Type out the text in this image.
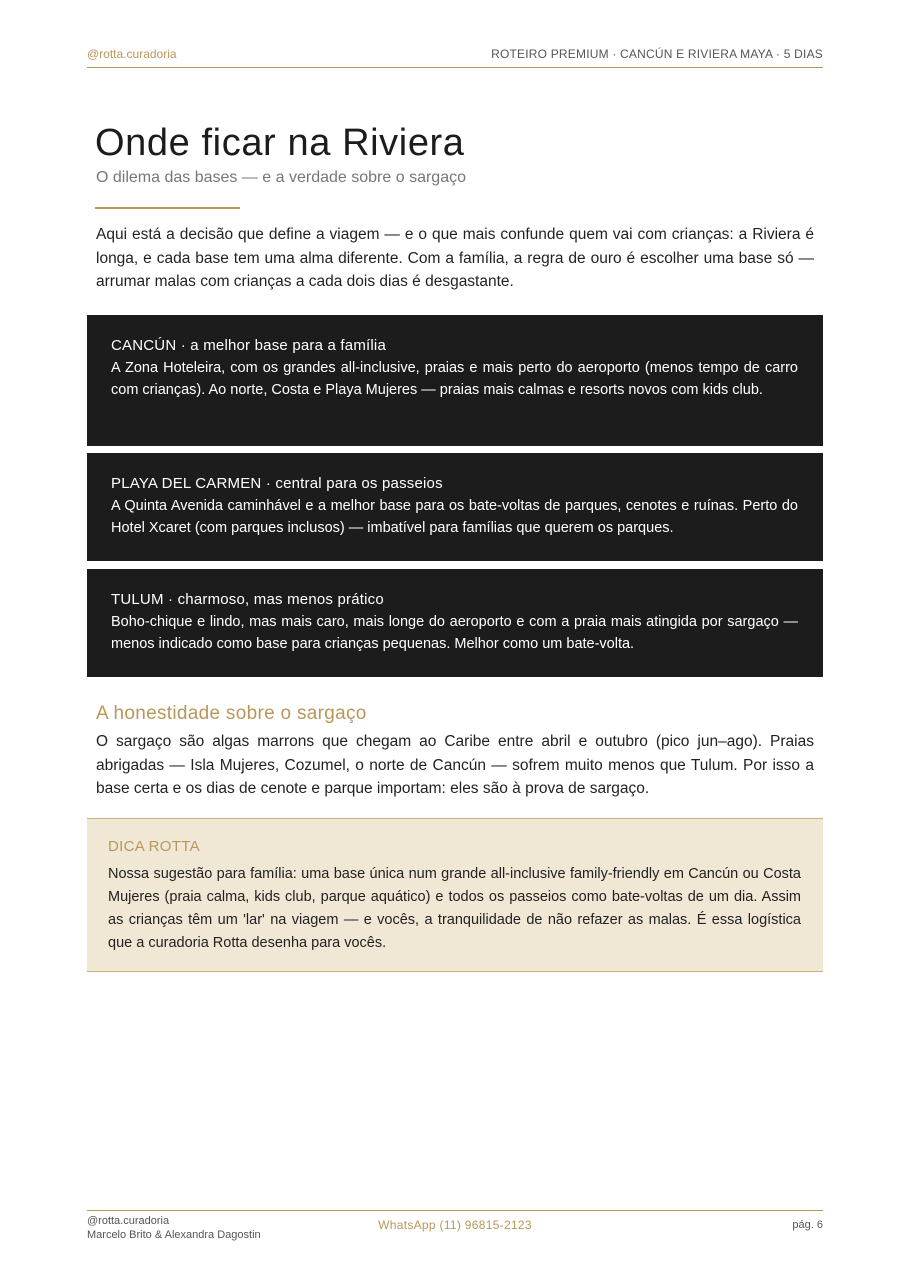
@rotta.curadoria	ROTEIRO PREMIUM · CANCÚN E RIVIERA MAYA · 5 DIAS
Onde ficar na Riviera
O dilema das bases — e a verdade sobre o sargaço

Aqui está a decisão que define a viagem — e o que mais confunde quem vai com crianças: a Riviera é longa, e cada base tem uma alma diferente. Com a família, a regra de ouro é escolher uma base só — arrumar malas com crianças a cada dois dias é desgastante.

CANCÚN · a melhor base para a família
A Zona Hoteleira, com os grandes all-inclusive, praias e mais perto do aeroporto (menos tempo de carro com crianças). Ao norte, Costa e Playa Mujeres — praias mais calmas e resorts novos com kids club.
PLAYA DEL CARMEN · central para os passeios
A Quinta Avenida caminhável e a melhor base para os bate-voltas de parques, cenotes e ruínas. Perto do Hotel Xcaret (com parques inclusos) — imbatível para famílias que querem os parques.
TULUM · charmoso, mas menos prático
Boho-chique e lindo, mas mais caro, mais longe do aeroporto e com a praia mais atingida por sargaço — menos indicado como base para crianças pequenas. Melhor como um bate-volta.
A honestidade sobre o sargaço

O sargaço são algas marrons que chegam ao Caribe entre abril e outubro (pico jun–ago). Praias abrigadas — Isla Mujeres, Cozumel, o norte de Cancún — sofrem muito menos que Tulum. Por isso a base certa e os dias de cenote e parque importam: eles são à prova de sargaço.

DICA ROTTA
Nossa sugestão para família: uma base única num grande all-inclusive family-friendly em Cancún ou Costa Mujeres (praia calma, kids club, parque aquático) e todos os passeios como bate-voltas de um dia. Assim as crianças têm um 'lar' na viagem — e vocês, a tranquilidade de não refazer as malas. É essa logística que a curadoria Rotta desenha para vocês.
@rotta.curadoria
Marcelo Brito & Alexandra Dagostin
WhatsApp (11) 96815-2123	pág. 6
